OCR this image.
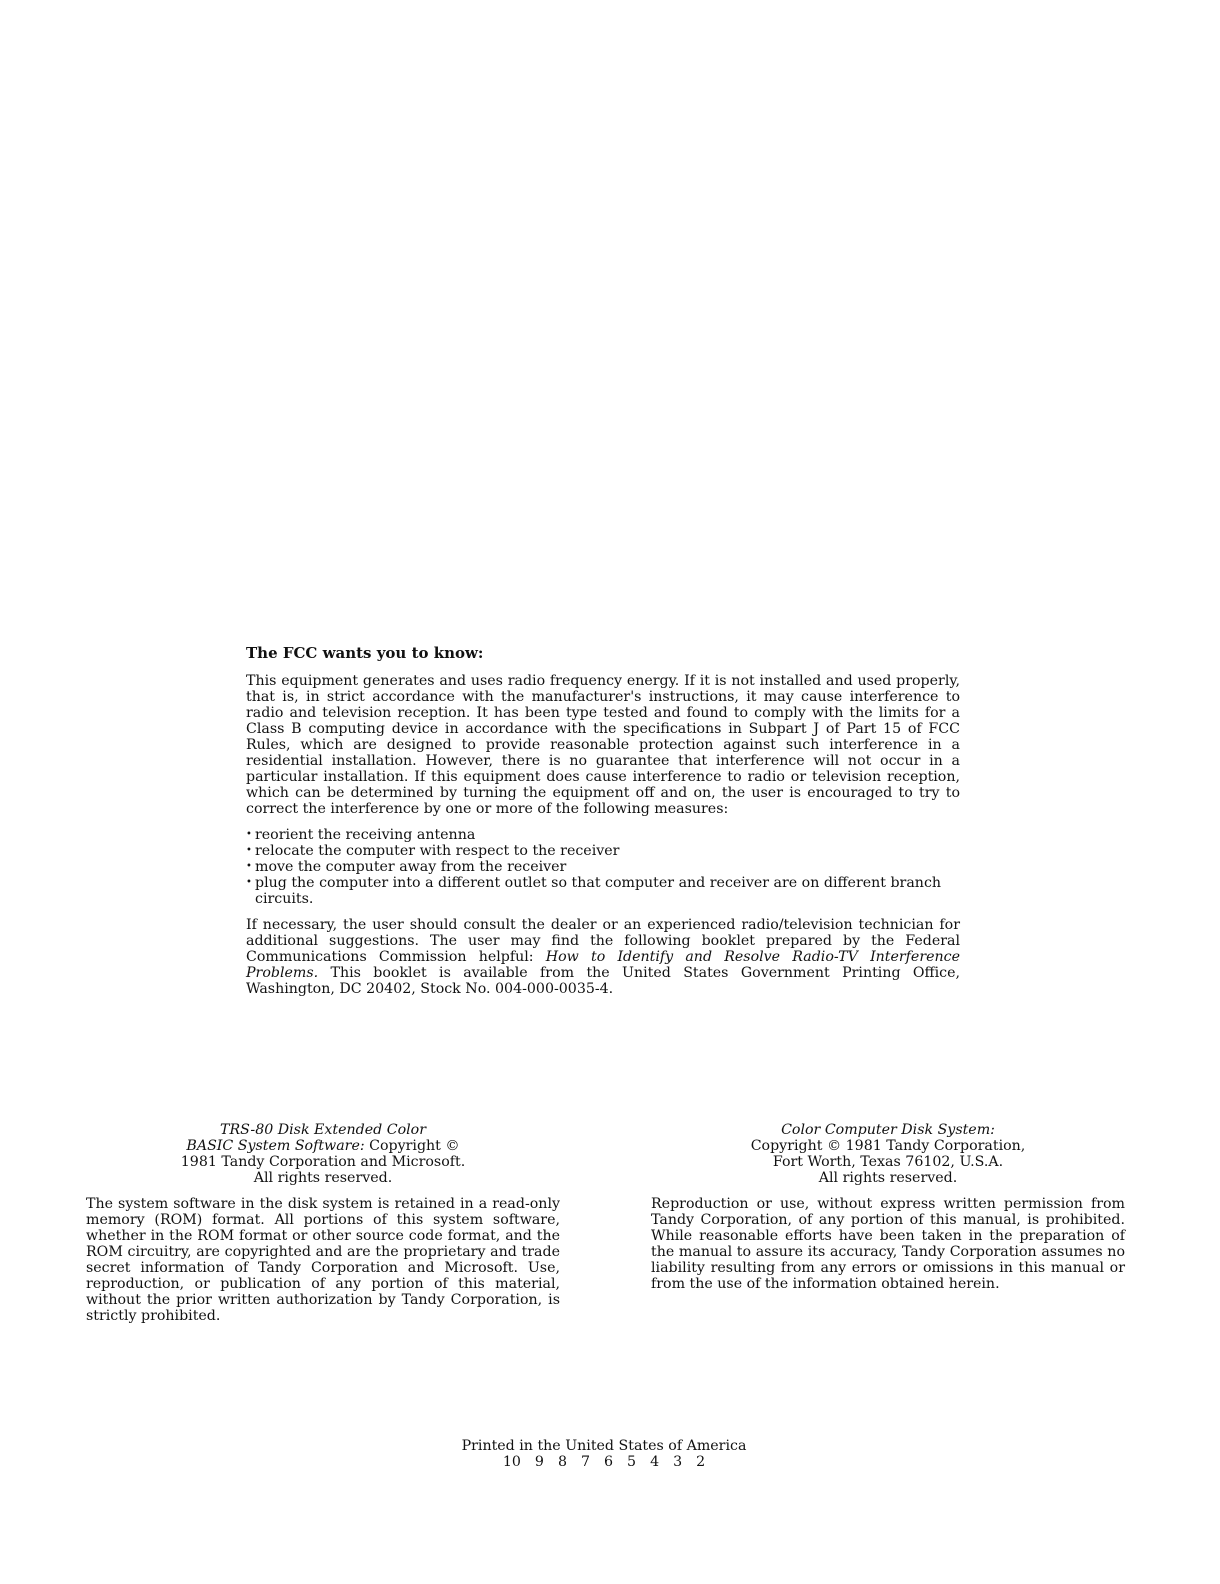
The FCC wants you to know:

This equipment generates and uses radio frequency energy. If it is not installed and used properly, that is, in strict accordance with the manufacturer's instructions, it may cause interference to radio and television reception. It has been type tested and found to comply with the limits for a Class B computing device in accordance with the specifications in Subpart J of Part 15 of FCC Rules, which are designed to provide reasonable protection against such interference in a residential installation. However, there is no guarantee that interference will not occur in a particular installation. If this equipment does cause interference to radio or television reception, which can be determined by turning the equipment off and on, the user is encouraged to try to correct the interference by one or more of the following measures:

• reorient the receiving antenna
• relocate the computer with respect to the receiver
• move the computer away from the receiver
• plug the computer into a different outlet so that computer and receiver are on different branch circuits.

If necessary, the user should consult the dealer or an experienced radio/television technician for additional suggestions. The user may find the following booklet prepared by the Federal Communications Commission helpful: How to Identify and Resolve Radio-TV Interference Problems. This booklet is available from the United States Government Printing Office, Washington, DC 20402, Stock No. 004-000-0035-4.

TRS-80 Disk Extended Color
BASIC System Software: Copyright ©
1981 Tandy Corporation and Microsoft.
All rights reserved.

The system software in the disk system is retained in a read-only memory (ROM) format. All portions of this system software, whether in the ROM format or other source code format, and the ROM circuitry, are copyrighted and are the proprietary and trade secret information of Tandy Corporation and Microsoft. Use, reproduction, or publication of any portion of this material, without the prior written authorization by Tandy Corporation, is strictly prohibited.

Color Computer Disk System:
Copyright © 1981 Tandy Corporation,
Fort Worth, Texas 76102, U.S.A.
All rights reserved.

Reproduction or use, without express written permission from Tandy Corporation, of any portion of this manual, is prohibited. While reasonable efforts have been taken in the preparation of the manual to assure its accuracy, Tandy Corporation assumes no liability resulting from any errors or omissions in this manual or from the use of the information obtained herein.

Printed in the United States of America
10 9 8 7 6 5 4 3 2
